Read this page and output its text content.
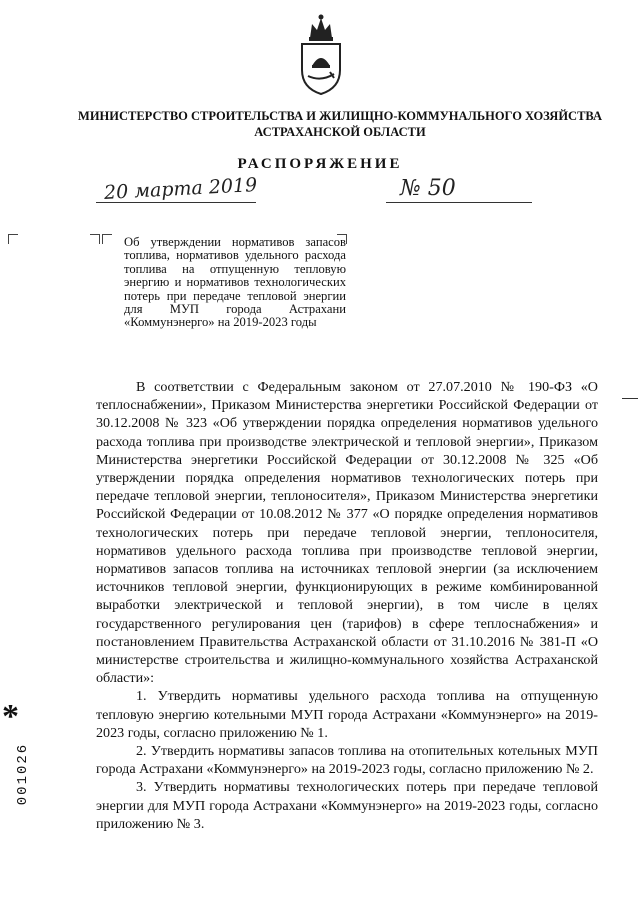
МИНИСТЕРСТВО СТРОИТЕЛЬСТВА И ЖИЛИЩНО-КОММУНАЛЬНОГО ХОЗЯЙСТВА
АСТРАХАНСКОЙ ОБЛАСТИ
РАСПОРЯЖЕНИЕ
20 марта 2019	№ 50
Об утверждении нормативов запасов топлива, нормативов удельного расхода топлива на отпущенную тепловую энергию и нормативов технологических потерь при передаче тепловой энергии для МУП города Астрахани «Коммунэнерго» на 2019-2023 годы

В соответствии с Федеральным законом от 27.07.2010 № 190-ФЗ «О теплоснабжении», Приказом Министерства энергетики Российской Федерации от 30.12.2008 № 323 «Об утверждении порядка определения нормативов удельного расхода топлива при производстве электрической и тепловой энергии», Приказом Министерства энергетики Российской Федерации от 30.12.2008 № 325 «Об утверждении порядка определения нормативов технологических потерь при передаче тепловой энергии, теплоносителя», Приказом Министерства энергетики Российской Федерации от 10.08.2012 № 377 «О порядке определения нормативов технологических потерь при передаче тепловой энергии, теплоносителя, нормативов удельного расхода топлива при производстве тепловой энергии, нормативов запасов топлива на источниках тепловой энергии (за исключением источников тепловой энергии, функционирующих в режиме комбинированной выработки электрической и тепловой энергии), в том числе в целях государственного регулирования цен (тарифов) в сфере теплоснабжения» и постановлением Правительства Астраханской области от 31.10.2016 № 381-П «О министерстве строительства и жилищно-коммунального хозяйства Астраханской области»:

1. Утвердить нормативы удельного расхода топлива на отпущенную тепловую энергию котельными МУП города Астрахани «Коммунэнерго» на 2019-2023 годы, согласно приложению № 1.

2. Утвердить нормативы запасов топлива на отопительных котельных МУП города Астрахани «Коммунэнерго» на 2019-2023 годы, согласно приложению № 2.

3. Утвердить нормативы технологических потерь при передаче тепловой энергии для МУП города Астрахани «Коммунэнерго» на 2019-2023 годы, согласно приложению № 3.

*
001026
